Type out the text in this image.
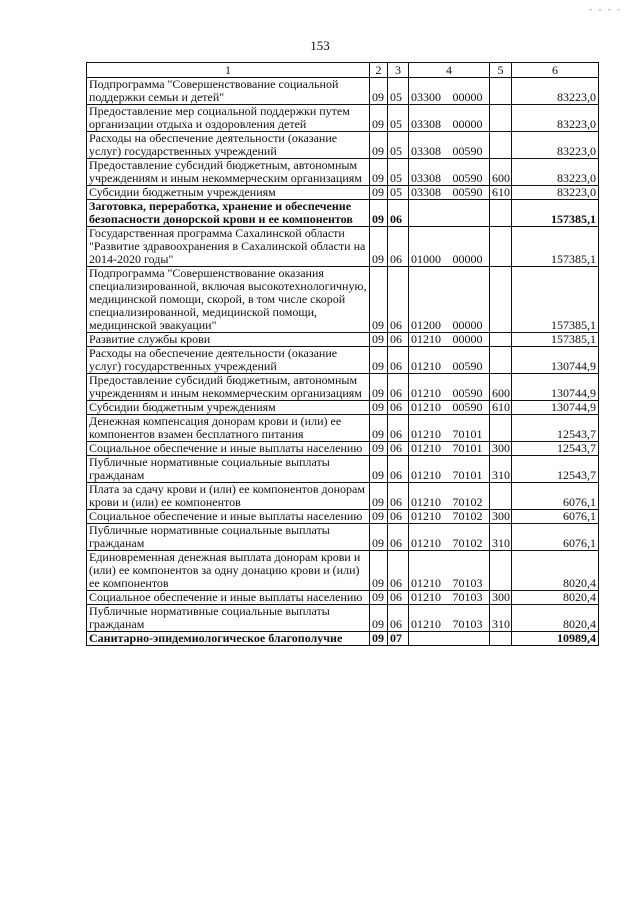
- - - -
153
1	2	3	4		5	6
Подпрограмма "Совершенствование социальной поддержки семьи и детей"	09	05	03300	00000		83223,0
Предоставление мер социальной поддержки путем организации отдыха и оздоровления детей	09	05	03308	00000		83223,0
Расходы на обеспечение деятельности (оказание услуг) государственных учреждений	09	05	03308	00590		83223,0
Предоставление субсидий бюджетным, автономным учреждениям и иным некоммерческим организациям	09	05	03308	00590	600	83223,0
Субсидии бюджетным учреждениям	09	05	03308	00590	610	83223,0
Заготовка, переработка, хранение и обеспечение безопасности донорской крови и ее компонентов	09	06				157385,1
Государственная программа Сахалинской области "Развитие здравоохранения в Сахалинской области на 2014-2020 годы"	09	06	01000	00000		157385,1
Подпрограмма "Совершенствование оказания специализированной, включая высокотехнологичную, медицинской помощи, скорой, в том числе скорой специализированной, медицинской помощи, медицинской эвакуации"	09	06	01200	00000		157385,1
Развитие службы крови	09	06	01210	00000		157385,1
Расходы на обеспечение деятельности (оказание услуг) государственных учреждений	09	06	01210	00590		130744,9
Предоставление субсидий бюджетным, автономным учреждениям и иным некоммерческим организациям	09	06	01210	00590	600	130744,9
Субсидии бюджетным учреждениям	09	06	01210	00590	610	130744,9
Денежная компенсация донорам крови и (или) ее компонентов взамен бесплатного питания	09	06	01210	70101		12543,7
Социальное обеспечение и иные выплаты населению	09	06	01210	70101	300	12543,7
Публичные нормативные социальные выплаты гражданам	09	06	01210	70101	310	12543,7
Плата за сдачу крови и (или) ее компонентов донорам крови и (или) ее компонентов	09	06	01210	70102		6076,1
Социальное обеспечение и иные выплаты населению	09	06	01210	70102	300	6076,1
Публичные нормативные социальные выплаты гражданам	09	06	01210	70102	310	6076,1
Единовременная денежная выплата донорам крови и (или) ее компонентов за одну донацию крови и (или) ее компонентов	09	06	01210	70103		8020,4
Социальное обеспечение и иные выплаты населению	09	06	01210	70103	300	8020,4
Публичные нормативные социальные выплаты гражданам	09	06	01210	70103	310	8020,4
Санитарно-эпидемиологическое благополучие	09	07				10989,4
